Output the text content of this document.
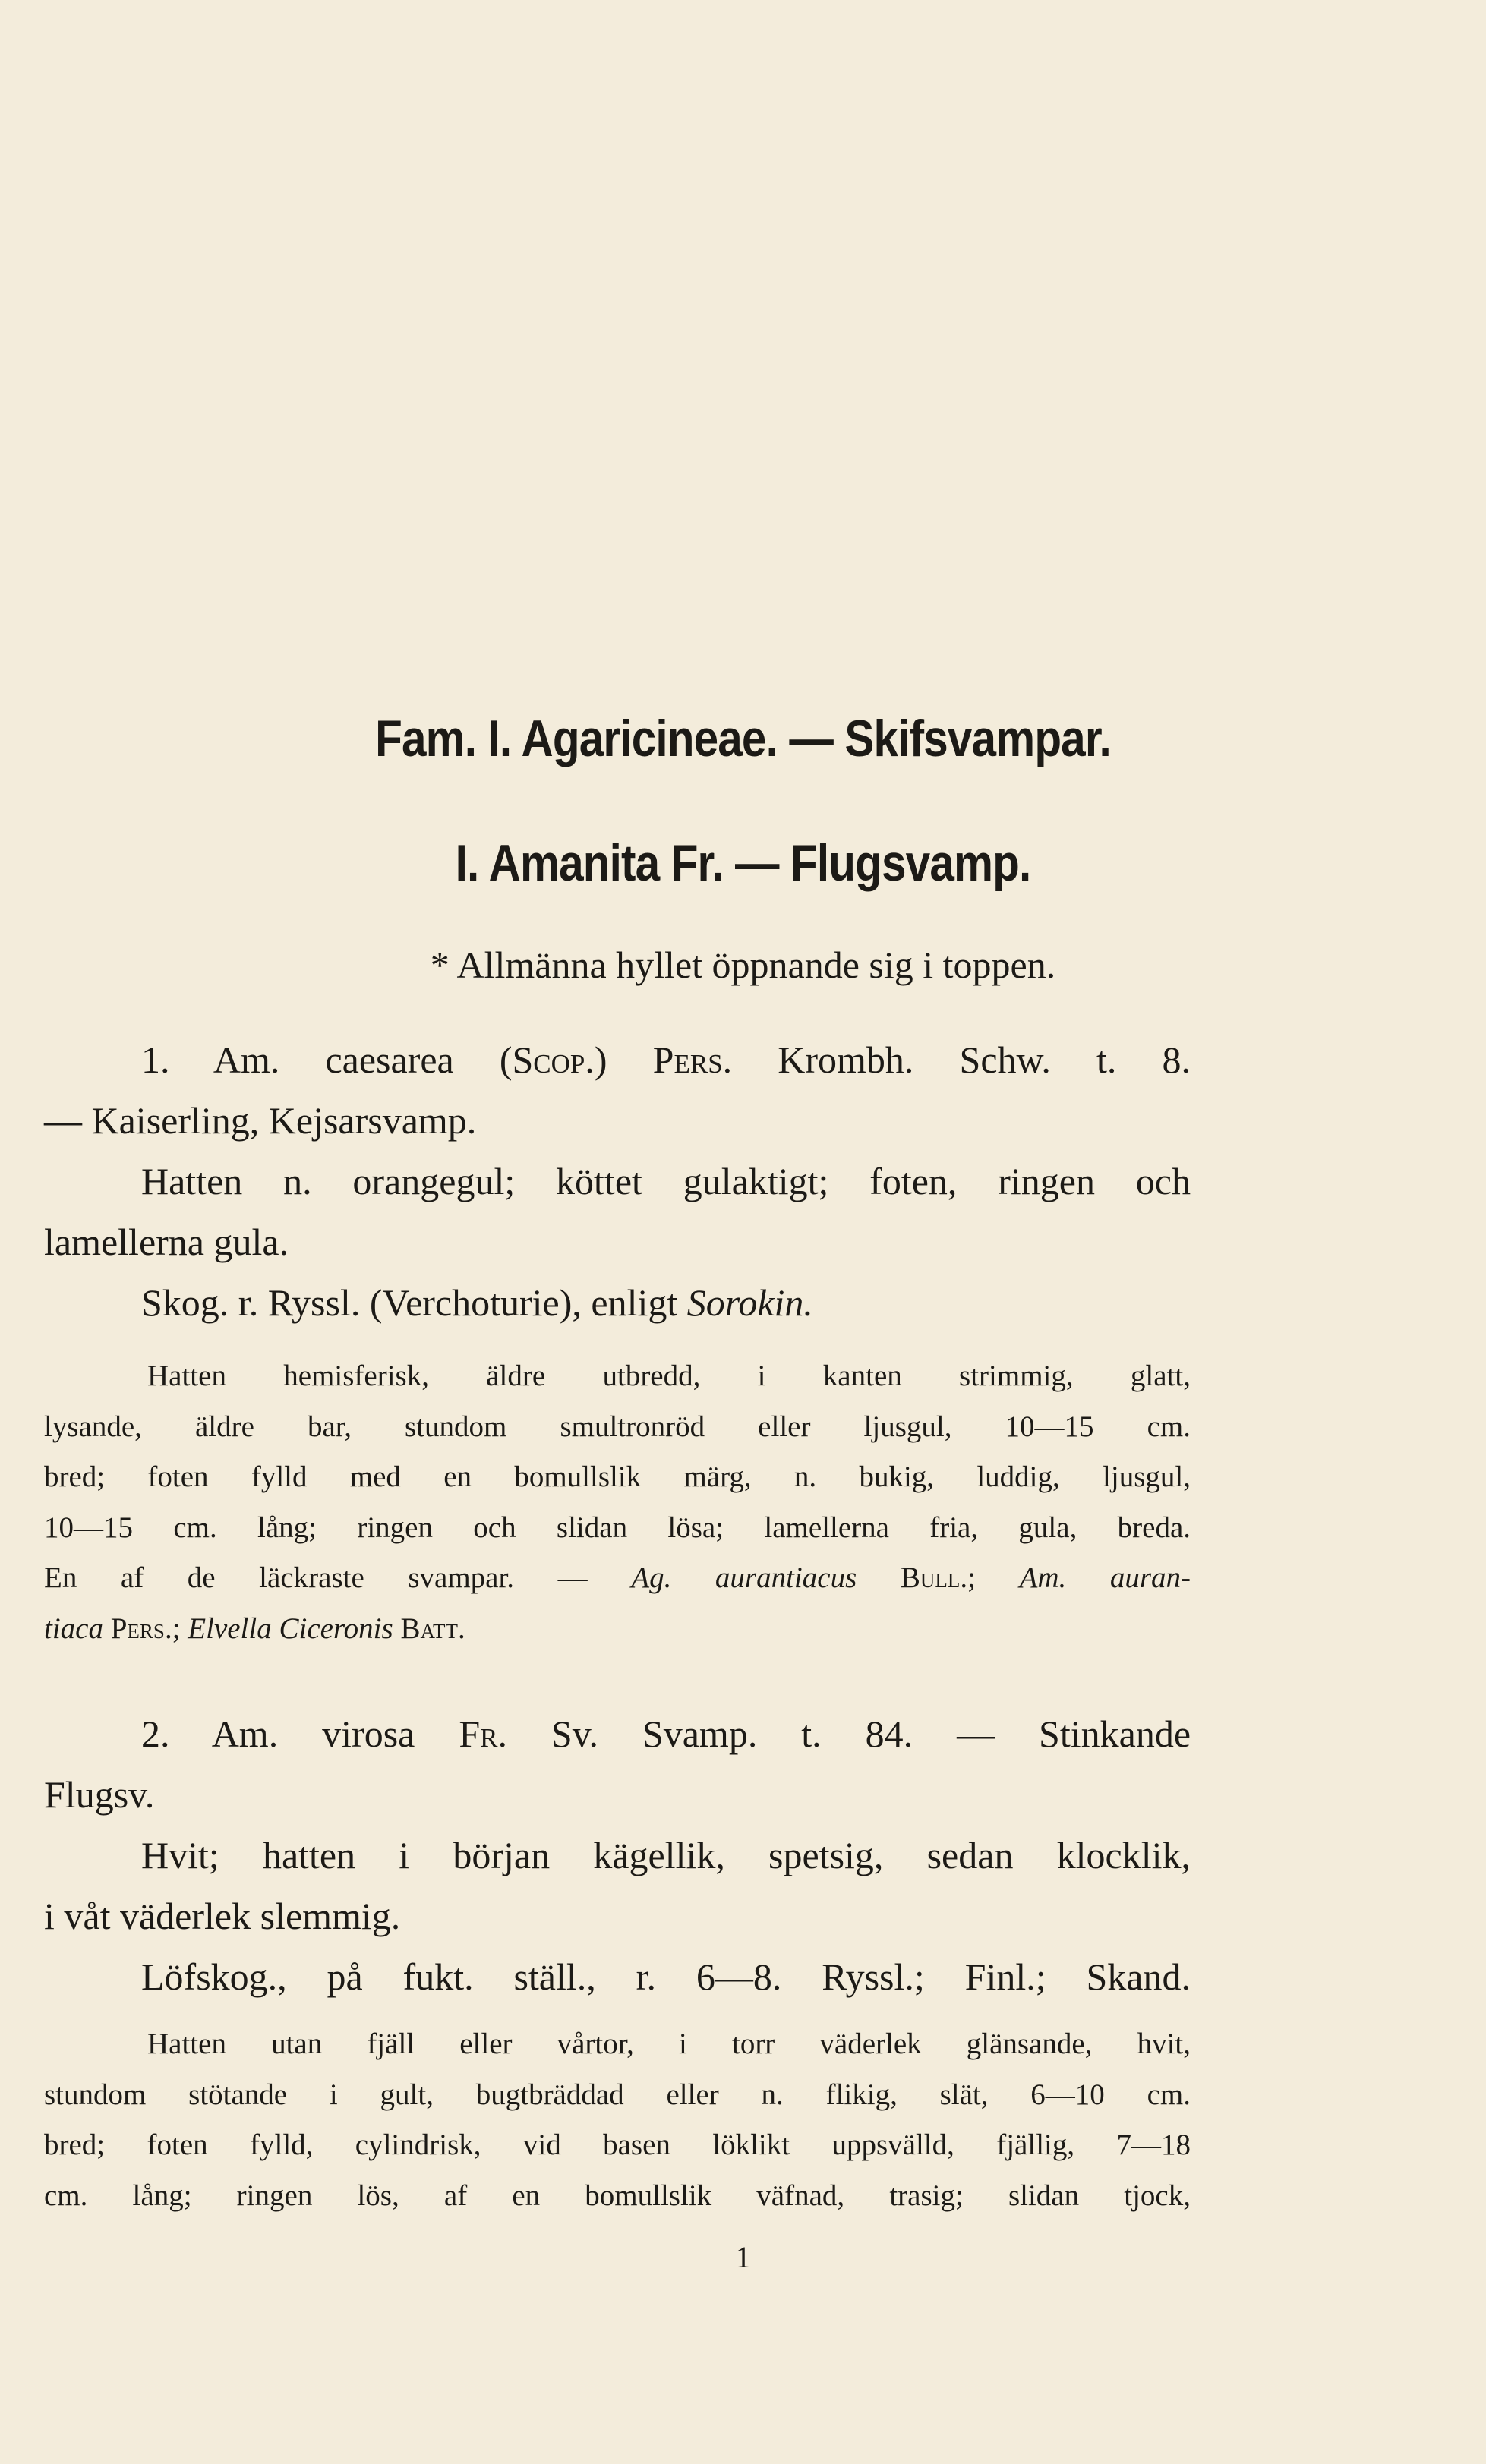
Fam. I. Agaricineae. — Skifsvampar.
I. Amanita Fr. — Flugsvamp.
* Allmänna hyllet öppnande sig i toppen.
1. Am. caesarea (Scop.) Pers. Krombh. Schw. t. 8.
— Kaiserling, Kejsarsvamp.
Hatten n. orangegul; köttet gulaktigt; foten, ringen och
lamellerna gula.
Skog. r. Ryssl. (Verchoturie), enligt Sorokin.
Hatten hemisferisk, äldre utbredd, i kanten strimmig, glatt,
lysande, äldre bar, stundom smultronröd eller ljusgul, 10—15 cm.
bred; foten fylld med en bomullslik märg, n. bukig, luddig, ljusgul,
10—15 cm. lång; ringen och slidan lösa; lamellerna fria, gula, breda.
En af de läckraste svampar. — Ag. aurantiacus Bull.; Am. auran-
tiaca Pers.; Elvella Ciceronis Batt.
2. Am. virosa Fr. Sv. Svamp. t. 84. — Stinkande
Flugsv.
Hvit; hatten i början kägellik, spetsig, sedan klocklik,
i våt väderlek slemmig.
Löfskog., på fukt. ställ., r. 6—8. Ryssl.; Finl.; Skand.
Hatten utan fjäll eller vårtor, i torr väderlek glänsande, hvit,
stundom stötande i gult, bugtbräddad eller n. flikig, slät, 6—10 cm.
bred; foten fylld, cylindrisk, vid basen löklikt uppsvälld, fjällig, 7—18
cm. lång; ringen lös, af en bomullslik väfnad, trasig; slidan tjock,
1
